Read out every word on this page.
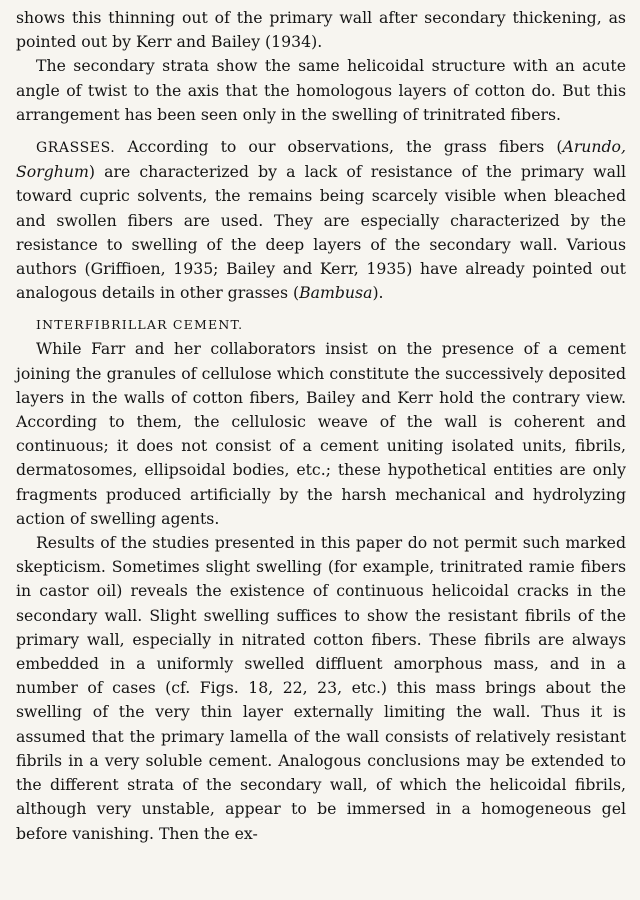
shows this thinning out of the primary wall after secondary thickening, as pointed out by Kerr and Bailey (1934).

The secondary strata show the same helicoidal structure with an acute angle of twist to the axis that the homologous layers of cotton do. But this arrangement has been seen only in the swelling of trinitrated fibers.

GRASSES. According to our observations, the grass fibers (Arundo, Sorghum) are characterized by a lack of resistance of the primary wall toward cupric solvents, the remains being scarcely visible when bleached and swollen fibers are used. They are especially characterized by the resistance to swelling of the deep layers of the secondary wall. Various authors (Griffioen, 1935; Bailey and Kerr, 1935) have already pointed out analogous details in other grasses (Bambusa).

INTERFIBRILLAR CEMENT.

While Farr and her collaborators insist on the presence of a cement joining the granules of cellulose which constitute the successively deposited layers in the walls of cotton fibers, Bailey and Kerr hold the contrary view. According to them, the cellulosic weave of the wall is coherent and continuous; it does not consist of a cement uniting isolated units, fibrils, dermatosomes, ellipsoidal bodies, etc.; these hypothetical entities are only fragments produced artificially by the harsh mechanical and hydrolyzing action of swelling agents.

Results of the studies presented in this paper do not permit such marked skepticism. Sometimes slight swelling (for example, trinitrated ramie fibers in castor oil) reveals the existence of continuous helicoidal cracks in the secondary wall. Slight swelling suffices to show the resistant fibrils of the primary wall, especially in nitrated cotton fibers. These fibrils are always embedded in a uniformly swelled diffluent amorphous mass, and in a number of cases (cf. Figs. 18, 22, 23, etc.) this mass brings about the swelling of the very thin layer externally limiting the wall. Thus it is assumed that the primary lamella of the wall consists of relatively resistant fibrils in a very soluble cement. Analogous conclusions may be extended to the different strata of the secondary wall, of which the helicoidal fibrils, although very unstable, appear to be immersed in a homogeneous gel before vanishing. Then the ex-
